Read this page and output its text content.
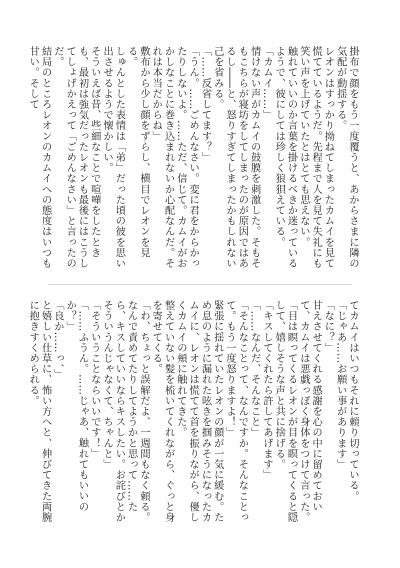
掛布で顔をもう一度覆うと、あからさまに隣の気配が動揺する。
レオンはすっかり拗ねてしまったカムイを見て慌てているようだ。先程まで人を見て失礼にも笑い声を上げていたとはとても思えない。
触れていいのか言葉を掛けるべきか迷っているようで、彼にしては珍しく狼狽えている。
「カムイ……」
情けない声がカムイの鼓膜を刺激した。そもそもこちらが寝坊をしてしまったのが原因ではあるし――と、怒りすぎてしまったかもしれない己を省みる。
「……反省してます？」
「うん。……ごめんなさい。変に君をからかったりしないよ。……ただ、信じて。カムイがおかしなことに巻き込まれないか心配なんだ。それは本当だからね」
敷布から少し顔をずらし、横目でレオンを見る。
しゅんとした表情は「弟」だった頃の彼を思い出させるようで懐かしい。
そういえば昔、些細なことで喧嘩をしたときも、最初は強気だったレオンも最後にはこうしてしょげかえって「ごめんなさい」と言ったのだ。
結局のところレオンのカムイへの態度はいつも甘い。そして
てカムイはいつもそれに頼り切っている。
「じゃあ……お願い事があります」
「なに？」
甘えさせてくれる感謝を心の中に留めておいて、カムイは悪戯っぽく身体をつけて言った。
「目は瞑ってくるレオンが目を瞑ってくると隠して、嬉しそうな声と共に捨げる。
「キスしてくれたら許してあげます」
「……なんだ、そんなこと」
「そんなことって、なんですか。そんなことって。もう一度怒りますよ！」
緊張に揺れていたレオンの顔が一気に緩む。ため息のように漏れた呟きを掴みそうになったカムイに、レオンは慌てて首を振りながら、優しくカムイの頬に触れてきた。
整えていない髪を梳いてくれながら、ぐっと身を寄せてくる。
「わ、ちょっと誤解だよ、一週間もなく頼る。なんで責めてたりしてようかと思って……たら、キスしていいならキスしたい。お詫びとかそういうんじゃなくて、ちゃんと」
「そういうことならいいです！」
「……ふうん。……じゃあ、触れてもいいのか？」
「良か……っ、」
と嬉しい仕草に、怖い方へと、伸びてきた両腕に抱きすくめられる。
